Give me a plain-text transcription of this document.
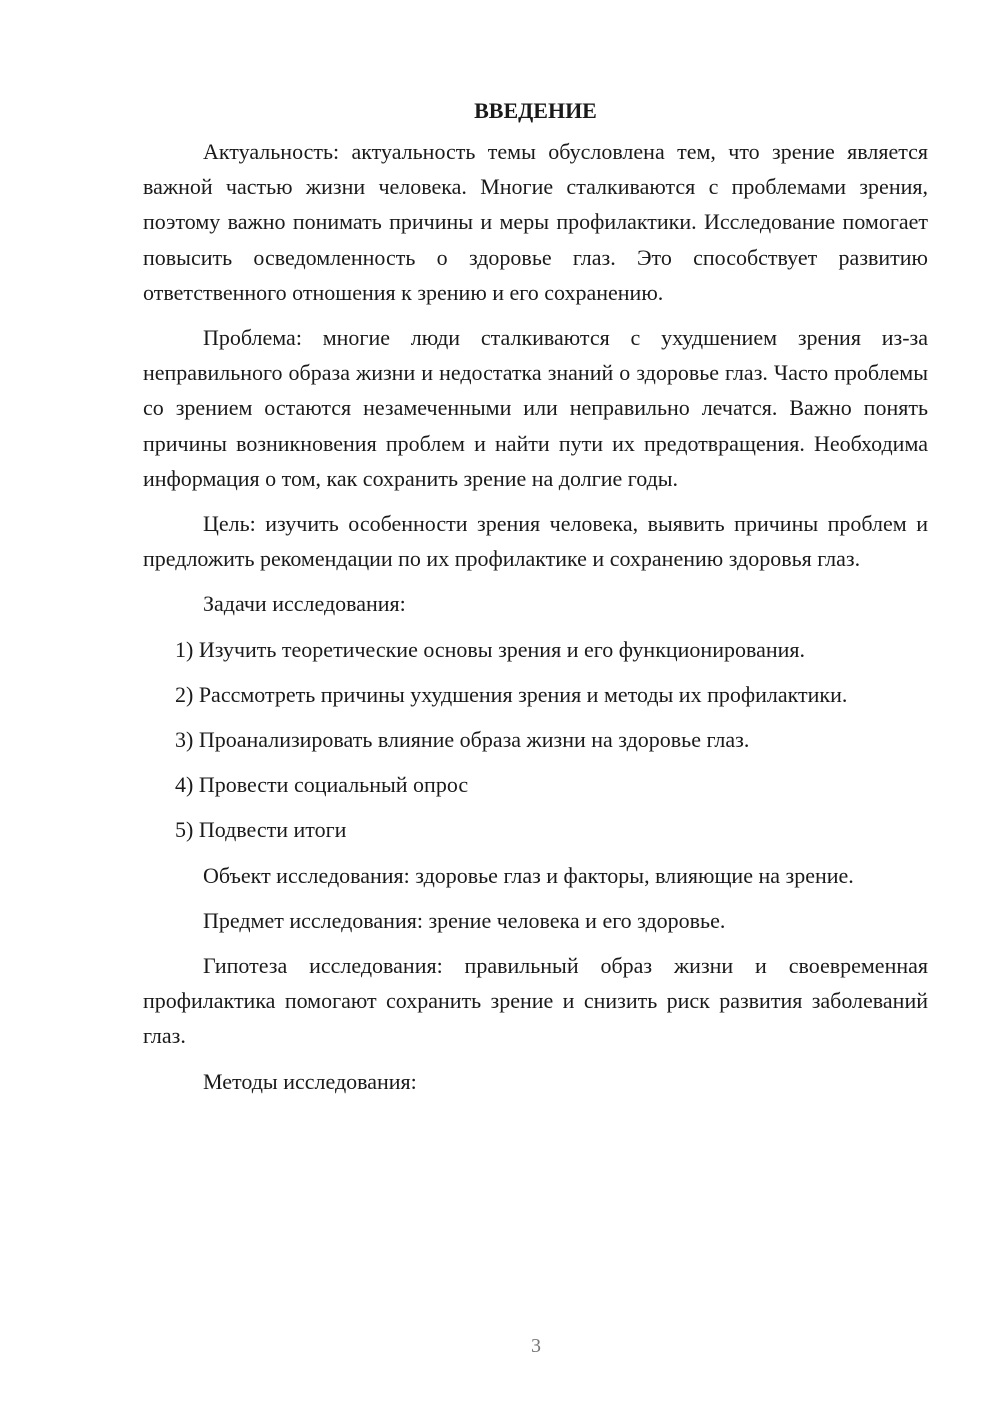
ВВЕДЕНИЕ

Актуальность: актуальность темы обусловлена тем, что зрение является важной частью жизни человека. Многие сталкиваются с проблемами зрения, поэтому важно понимать причины и меры профилактики. Исследование помогает повысить осведомленность о здоровье глаз. Это способствует развитию ответственного отношения к зрению и его сохранению.

Проблема: многие люди сталкиваются с ухудшением зрения из-за неправильного образа жизни и недостатка знаний о здоровье глаз. Часто проблемы со зрением остаются незамеченными или неправильно лечатся. Важно понять причины возникновения проблем и найти пути их предотвращения. Необходима информация о том, как сохранить зрение на долгие годы.

Цель: изучить особенности зрения человека, выявить причины проблем и предложить рекомендации по их профилактике и сохранению здоровья глаз.

Задачи исследования:

1) Изучить теоретические основы зрения и его функционирования.

2) Рассмотреть причины ухудшения зрения и методы их профилактики.

3) Проанализировать влияние образа жизни на здоровье глаз.

4) Провести социальный опрос

5) Подвести итоги

Объект исследования: здоровье глаз и факторы, влияющие на зрение.

Предмет исследования: зрение человека и его здоровье.

Гипотеза исследования: правильный образ жизни и своевременная профилактика помогают сохранить зрение и снизить риск развития заболеваний глаз.

Методы исследования:

3
